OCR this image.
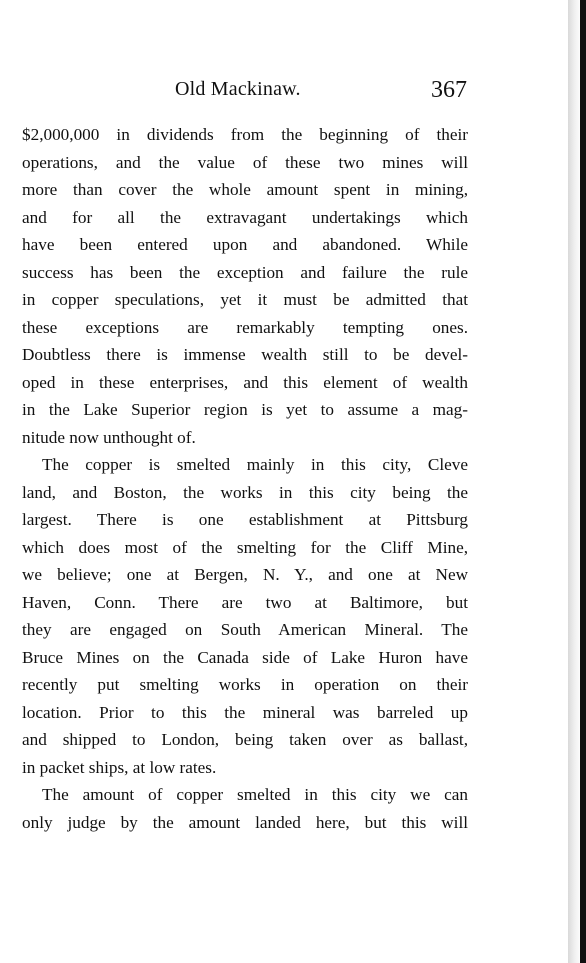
Old Mackinaw.	367
$2,000,000 in dividends from the beginning of their
operations, and the value of these two mines will
more than cover the whole amount spent in mining,
and for all the extravagant undertakings which
have been entered upon and abandoned. While
success has been the exception and failure the rule
in copper speculations, yet it must be admitted that
these exceptions are remarkably tempting ones.
Doubtless there is immense wealth still to be devel-
oped in these enterprises, and this element of wealth
in the Lake Superior region is yet to assume a mag-
nitude now unthought of.
The copper is smelted mainly in this city, Cleve
land, and Boston, the works in this city being the
largest. There is one establishment at Pittsburg
which does most of the smelting for the Cliff Mine,
we believe; one at Bergen, N. Y., and one at New
Haven, Conn. There are two at Baltimore, but
they are engaged on South American Mineral. The
Bruce Mines on the Canada side of Lake Huron have
recently put smelting works in operation on their
location. Prior to this the mineral was barreled up
and shipped to London, being taken over as ballast,
in packet ships, at low rates.
The amount of copper smelted in this city we can
only judge by the amount landed here, but this will
